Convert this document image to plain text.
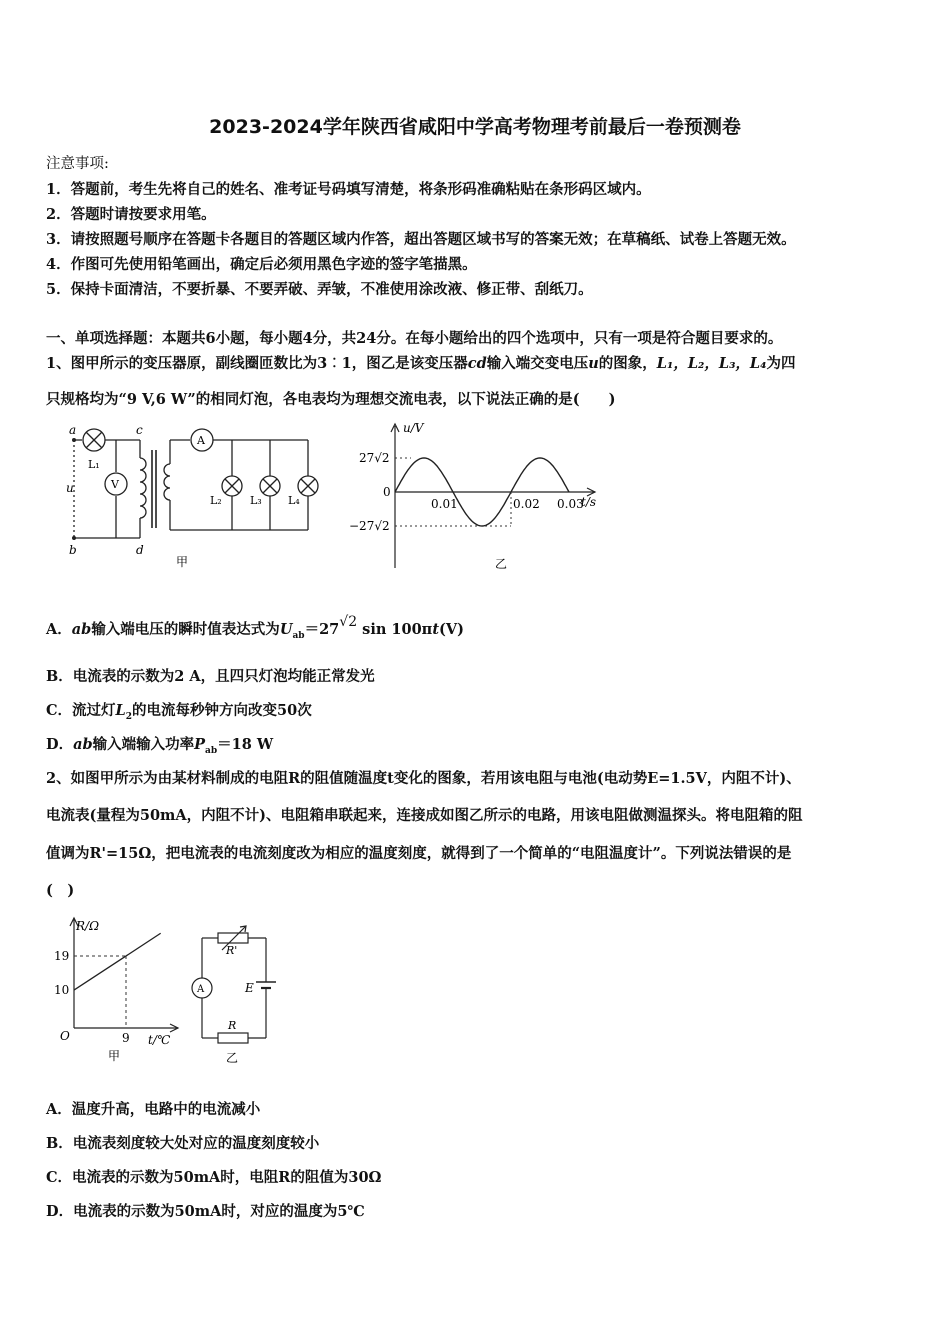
2023-2024学年陕西省咸阳中学高考物理考前最后一卷预测卷
注意事项:
1．答题前，考生先将自己的姓名、准考证号码填写清楚，将条形码准确粘贴在条形码区域内。
2．答题时请按要求用笔。
3．请按照题号顺序在答题卡各题目的答题区域内作答，超出答题区域书写的答案无效；在草稿纸、试卷上答题无效。
4．作图可先使用铅笔画出，确定后必须用黑色字迹的签字笔描黑。
5．保持卡面清洁，不要折暴、不要弄破、弄皱，不准使用涂改液、修正带、刮纸刀。
一、单项选择题：本题共6小题，每小题4分，共24分。在每小题给出的四个选项中，只有一项是符合题目要求的。
1、图甲所示的变压器原，副线圈匝数比为3︰1，图乙是该变压器cd输入端交变电压u的图象，L₁，L₂，L₃，L₄为四
只规格均为“9 V,6 W”的相同灯泡，各电表均为理想交流电表，以下说法正确的是(　　)
a
b
c
d
u
L₁
V
A
L₂	L₃ L₄
甲
u/V
t/s
27√2
0
−27√2
0.01	0.02 0.03
乙
A．ab输入端电压的瞬时值表达式为$U_{ab}=27√2$ sin 100πt(V)
B．电流表的示数为2 A，且四只灯泡均能正常发光
C．流过灯$L_2$的电流每秒钟方向改变50次
D．ab输入端输入功率$P_{ab}=18$ W
2、如图甲所示为由某材料制成的电阻R的阻值随温度t变化的图象，若用该电阻与电池(电动势E=1.5V，内阻不计)、
电流表(量程为50mA，内阻不计)、电阻箱串联起来，连接成如图乙所示的电路，用该电阻做测温探头。将电阻箱的阻
值调为R'=15Ω，把电流表的电流刻度改为相应的温度刻度，就得到了一个简单的“电阻温度计”。下列说法错误的是
(　)
R/Ω
t/℃
O
19
10
9
甲
R'
A	E
R
乙
A．温度升高，电路中的电流减小
B．电流表刻度较大处对应的温度刻度较小
C．电流表的示数为50mA时，电阻R的阻值为30Ω
D．电流表的示数为50mA时，对应的温度为5℃
